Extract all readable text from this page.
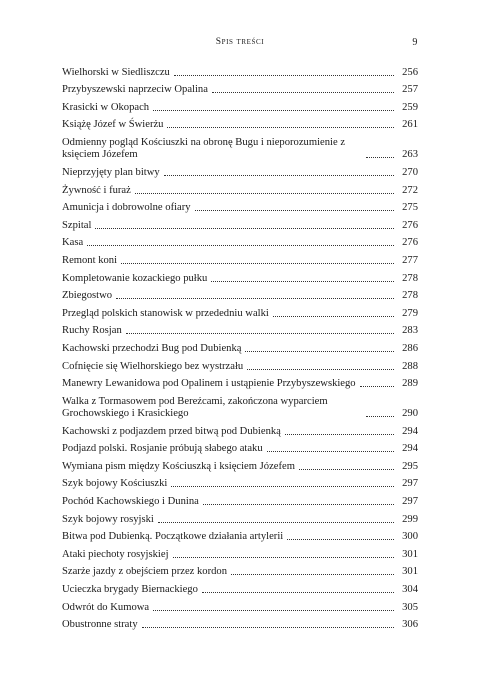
Spis treści	9
Wielhorski w Siedliszczu	256
Przybyszewski naprzeciw Opalina	257
Krasicki w Okopach	259
Książę Józef w Świerżu	261
Odmienny pogląd Kościuszki na obronę Bugu i nieporozumienie z księciem Józefem	263
Nieprzyjęty plan bitwy	270
Żywność i furaż	272
Amunicja i dobrowolne ofiary	275
Szpital	276
Kasa	276
Remont koni	277
Kompletowanie kozackiego pułku	278
Zbiegostwo	278
Przegląd polskich stanowisk w przededniu walki	279
Ruchy Rosjan	283
Kachowski przechodzi Bug pod Dubienką	286
Cofnięcie się Wielhorskiego bez wystrzału	288
Manewry Lewanidowa pod Opalinem i ustąpienie Przybyszewskiego	289
Walka z Tormasowem pod Bereźcami, zakończona wyparciem Grochowskiego i Krasickiego	290
Kachowski z podjazdem przed bitwą pod Dubienką	294
Podjazd polski. Rosjanie próbują słabego ataku	294
Wymiana pism między Kościuszką i księciem Józefem	295
Szyk bojowy Kościuszki	297
Pochód Kachowskiego i Dunina	297
Szyk bojowy rosyjski	299
Bitwa pod Dubienką. Początkowe działania artylerii	300
Ataki piechoty rosyjskiej	301
Szarże jazdy z obejściem przez kordon	301
Ucieczka brygady Biernackiego	304
Odwrót do Kumowa	305
Obustronne straty	306
